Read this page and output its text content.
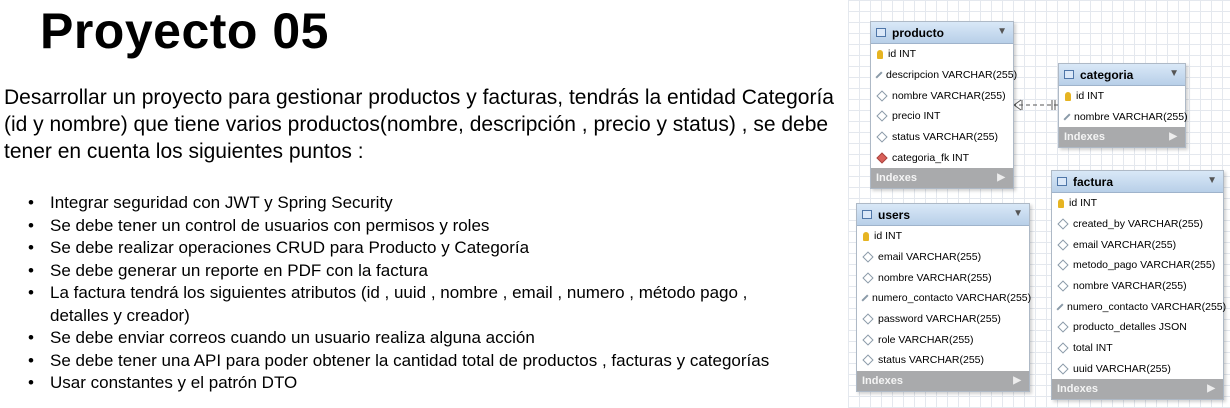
Proyecto 05
Desarrollar un proyecto para gestionar productos y facturas, tendrás la entidad Categoría (id y nombre) que tiene varios productos(nombre, descripción , precio y status) , se debe tener en cuenta los siguientes puntos :
• Integrar seguridad con JWT y Spring Security
• Se debe tener un control de usuarios con permisos y roles
• Se debe realizar operaciones CRUD para Producto y Categoría
• Se debe generar un reporte en PDF con la factura
• La factura tendrá los siguientes atributos (id , uuid , nombre , email , numero , método pago ,
detalles y creador)
• Se debe enviar correos cuando un usuario realiza alguna acción
• Se debe tener una API para poder obtener la cantidad total de productos , facturas y categorías
• Usar constantes y el patrón DTO
producto	▼
id INT
descripcion VARCHAR(255)
nombre VARCHAR(255)
precio INT
status VARCHAR(255)
categoria_fk INT
Indexes	▶
categoria	▼
id INT
nombre VARCHAR(255)
Indexes	▶
users	▼
id INT
email VARCHAR(255)
nombre VARCHAR(255)
numero_contacto VARCHAR(255)
password VARCHAR(255)
role VARCHAR(255)
status VARCHAR(255)
Indexes	▶
factura	▼
id INT
created_by VARCHAR(255)
email VARCHAR(255)
metodo_pago VARCHAR(255)
nombre VARCHAR(255)
numero_contacto VARCHAR(255)
producto_detalles JSON
total INT
uuid VARCHAR(255)
Indexes	▶
